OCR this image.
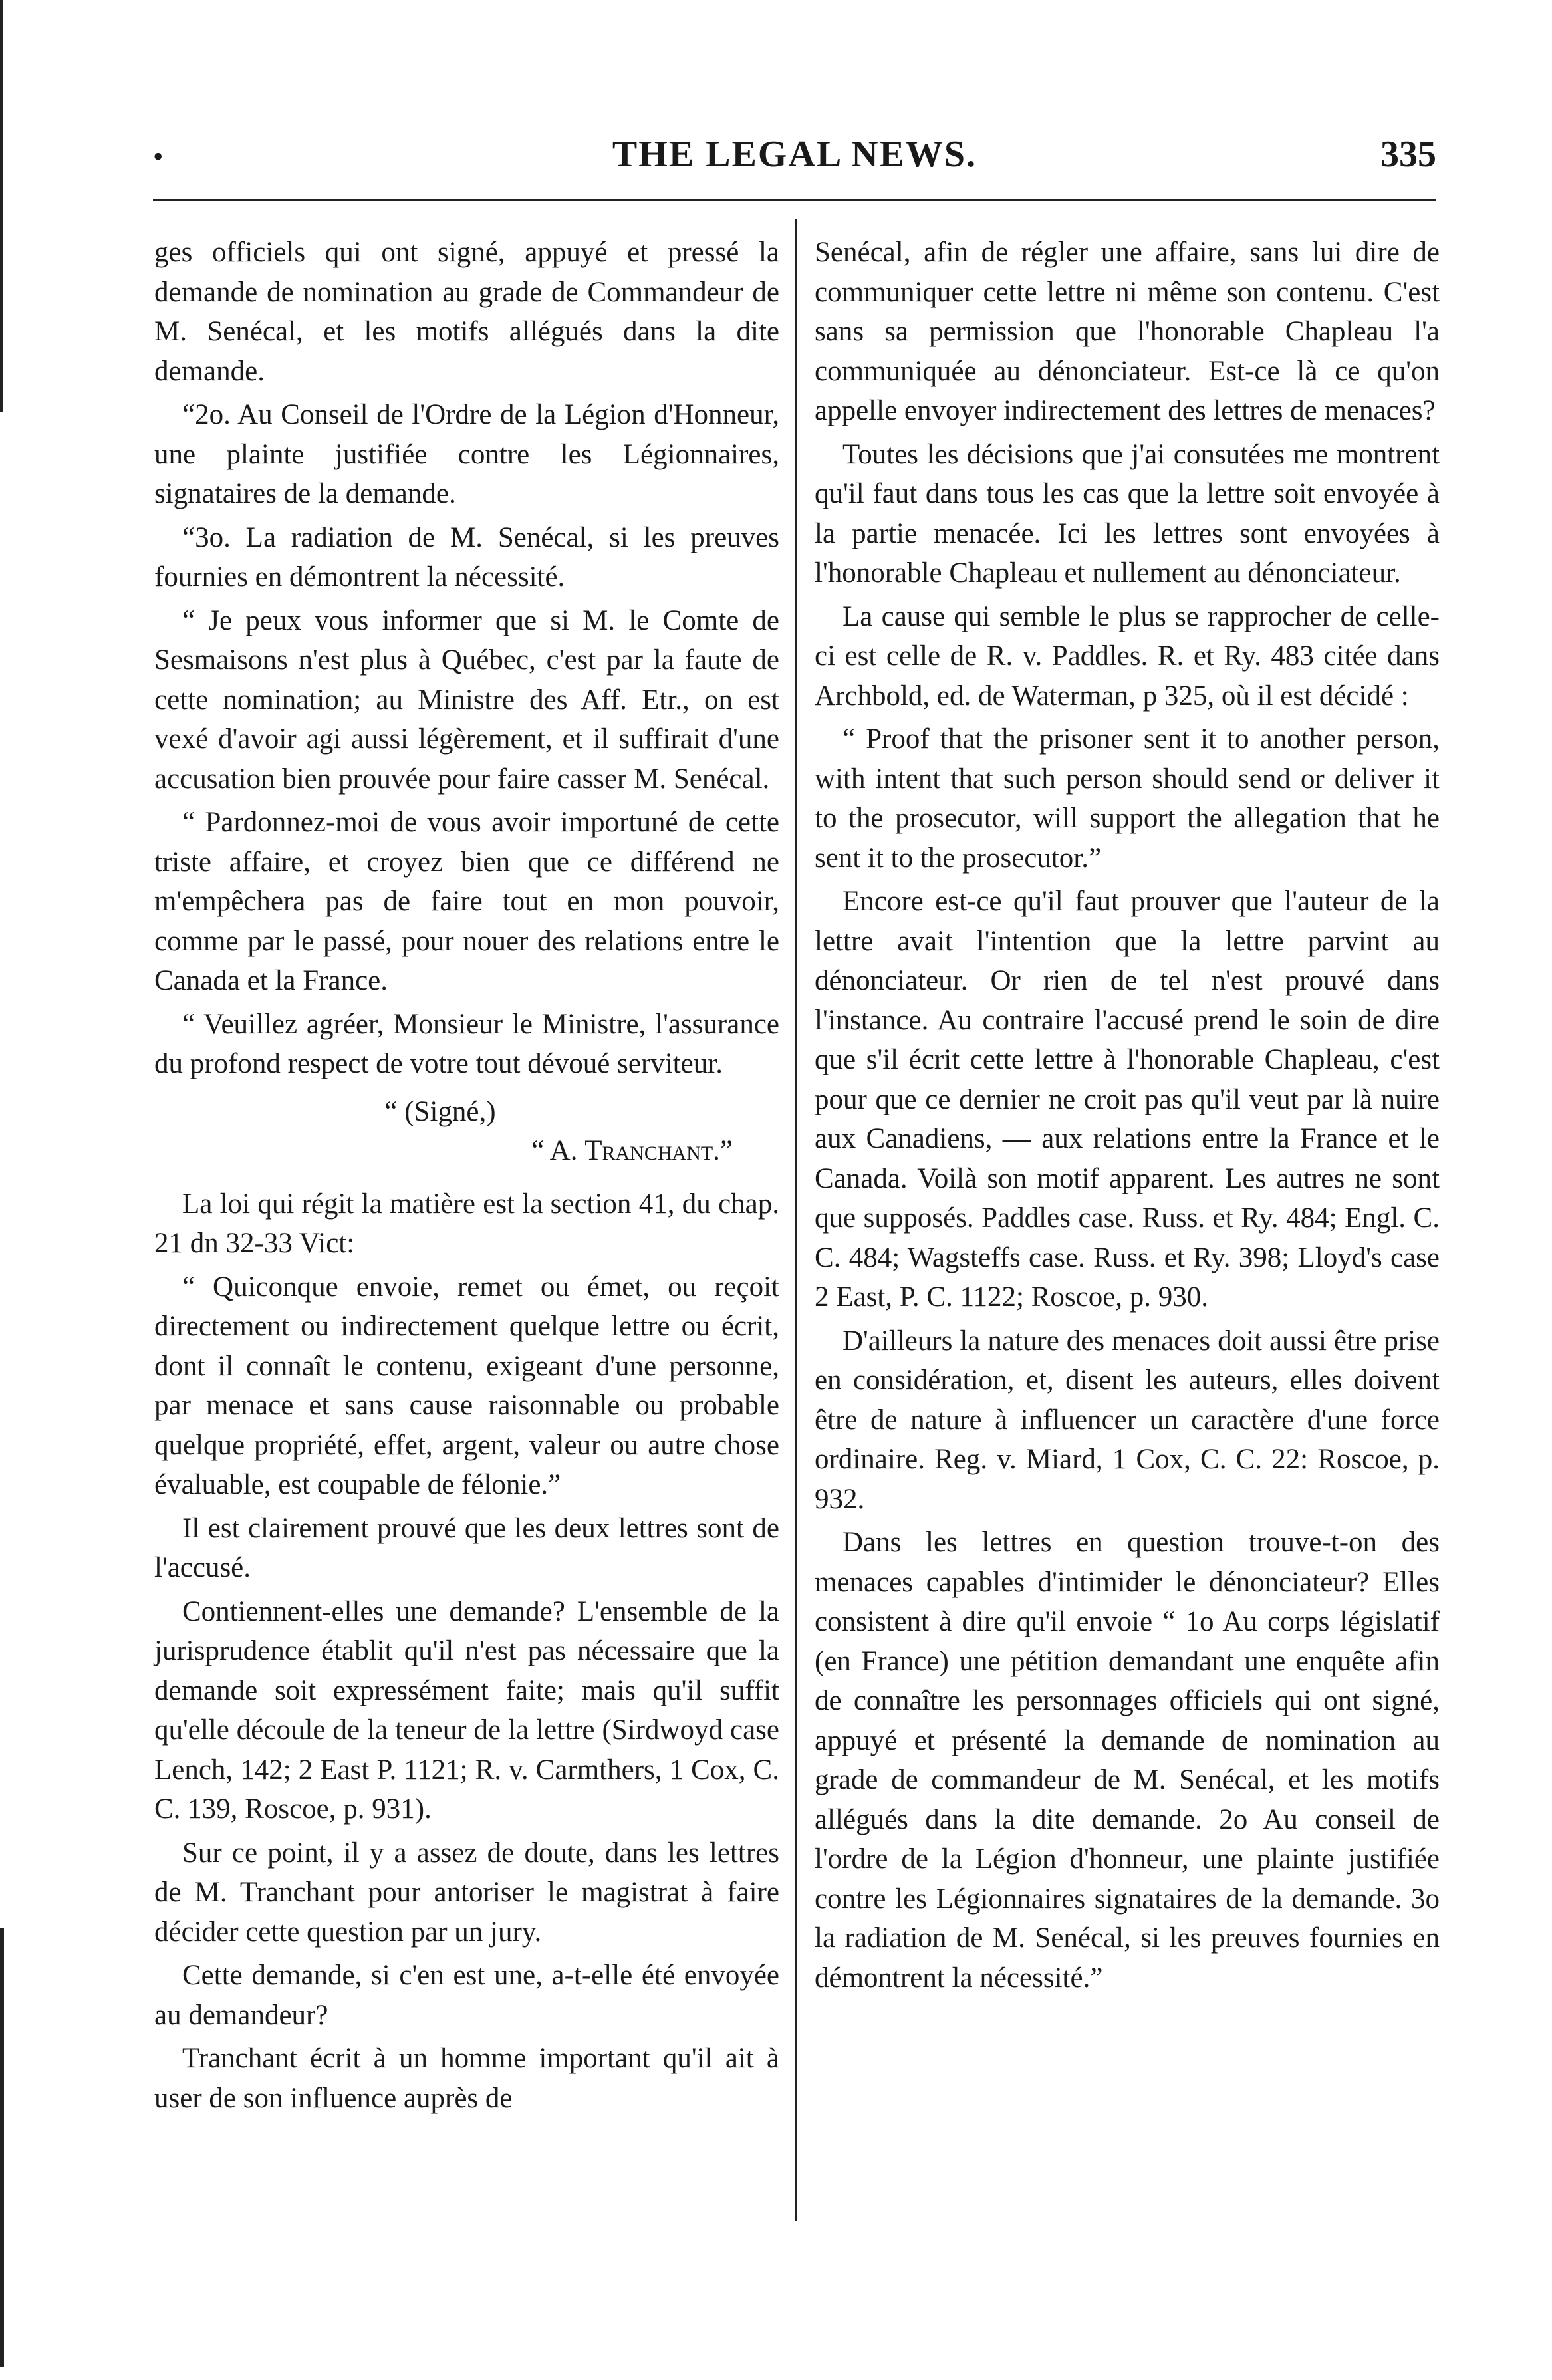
•	THE LEGAL NEWS.	335

ges officiels qui ont signé, appuyé et pressé la demande de nomination au grade de Commandeur de M. Senécal, et les motifs allégués dans la dite demande.

“2o. Au Conseil de l'Ordre de la Légion d'Honneur, une plainte justifiée contre les Légionnaires, signataires de la demande.

“3o. La radiation de M. Senécal, si les preuves fournies en démontrent la nécessité.

“ Je peux vous informer que si M. le Comte de Sesmaisons n'est plus à Québec, c'est par la faute de cette nomination; au Ministre des Aff. Etr., on est vexé d'avoir agi aussi légèrement, et il suffirait d'une accusation bien prouvée pour faire casser M. Senécal.

“ Pardonnez-moi de vous avoir importuné de cette triste affaire, et croyez bien que ce différend ne m'empêchera pas de faire tout en mon pouvoir, comme par le passé, pour nouer des relations entre le Canada et la France.

“ Veuillez agréer, Monsieur le Ministre, l'assurance du profond respect de votre tout dévoué serviteur.

“ (Signé,)

“ A. Tranchant.”

La loi qui régit la matière est la section 41, du chap. 21 dn 32-33 Vict:

“ Quiconque envoie, remet ou émet, ou reçoit directement ou indirectement quelque lettre ou écrit, dont il connaît le contenu, exigeant d'une personne, par menace et sans cause raisonnable ou probable quelque propriété, effet, argent, valeur ou autre chose évaluable, est coupable de félonie.”

Il est clairement prouvé que les deux lettres sont de l'accusé.

Contiennent-elles une demande? L'ensemble de la jurisprudence établit qu'il n'est pas nécessaire que la demande soit expressément faite; mais qu'il suffit qu'elle découle de la teneur de la lettre (Sirdwoyd case Lench, 142; 2 East P. 1121; R. v. Carmthers, 1 Cox, C. C. 139, Roscoe, p. 931).

Sur ce point, il y a assez de doute, dans les lettres de M. Tranchant pour antoriser le magistrat à faire décider cette question par un jury.

Cette demande, si c'en est une, a-t-elle été envoyée au demandeur?

Tranchant écrit à un homme important qu'il ait à user de son influence auprès de

Senécal, afin de régler une affaire, sans lui dire de communiquer cette lettre ni même son contenu. C'est sans sa permission que l'honorable Chapleau l'a communiquée au dénonciateur. Est-ce là ce qu'on appelle envoyer indirectement des lettres de menaces?

Toutes les décisions que j'ai consutées me montrent qu'il faut dans tous les cas que la lettre soit envoyée à la partie menacée. Ici les lettres sont envoyées à l'honorable Chapleau et nullement au dénonciateur.

La cause qui semble le plus se rapprocher de celle-ci est celle de R. v. Paddles. R. et Ry. 483 citée dans Archbold, ed. de Waterman, p 325, où il est décidé :

“ Proof that the prisoner sent it to another person, with intent that such person should send or deliver it to the prosecutor, will support the allegation that he sent it to the prosecutor.”

Encore est-ce qu'il faut prouver que l'auteur de la lettre avait l'intention que la lettre parvint au dénonciateur. Or rien de tel n'est prouvé dans l'instance. Au contraire l'accusé prend le soin de dire que s'il écrit cette lettre à l'honorable Chapleau, c'est pour que ce dernier ne croit pas qu'il veut par là nuire aux Canadiens, — aux relations entre la France et le Canada. Voilà son motif apparent. Les autres ne sont que supposés. Paddles case. Russ. et Ry. 484; Engl. C. C. 484; Wagsteffs case. Russ. et Ry. 398; Lloyd's case 2 East, P. C. 1122; Roscoe, p. 930.

D'ailleurs la nature des menaces doit aussi être prise en considération, et, disent les auteurs, elles doivent être de nature à influencer un caractère d'une force ordinaire. Reg. v. Miard, 1 Cox, C. C. 22: Roscoe, p. 932.

Dans les lettres en question trouve-t-on des menaces capables d'intimider le dénonciateur? Elles consistent à dire qu'il envoie “ 1o Au corps législatif (en France) une pétition demandant une enquête afin de connaître les personnages officiels qui ont signé, appuyé et présenté la demande de nomination au grade de commandeur de M. Senécal, et les motifs allégués dans la dite demande. 2o Au conseil de l'ordre de la Légion d'honneur, une plainte justifiée contre les Légionnaires signataires de la demande. 3o la radiation de M. Senécal, si les preuves fournies en démontrent la nécessité.”
